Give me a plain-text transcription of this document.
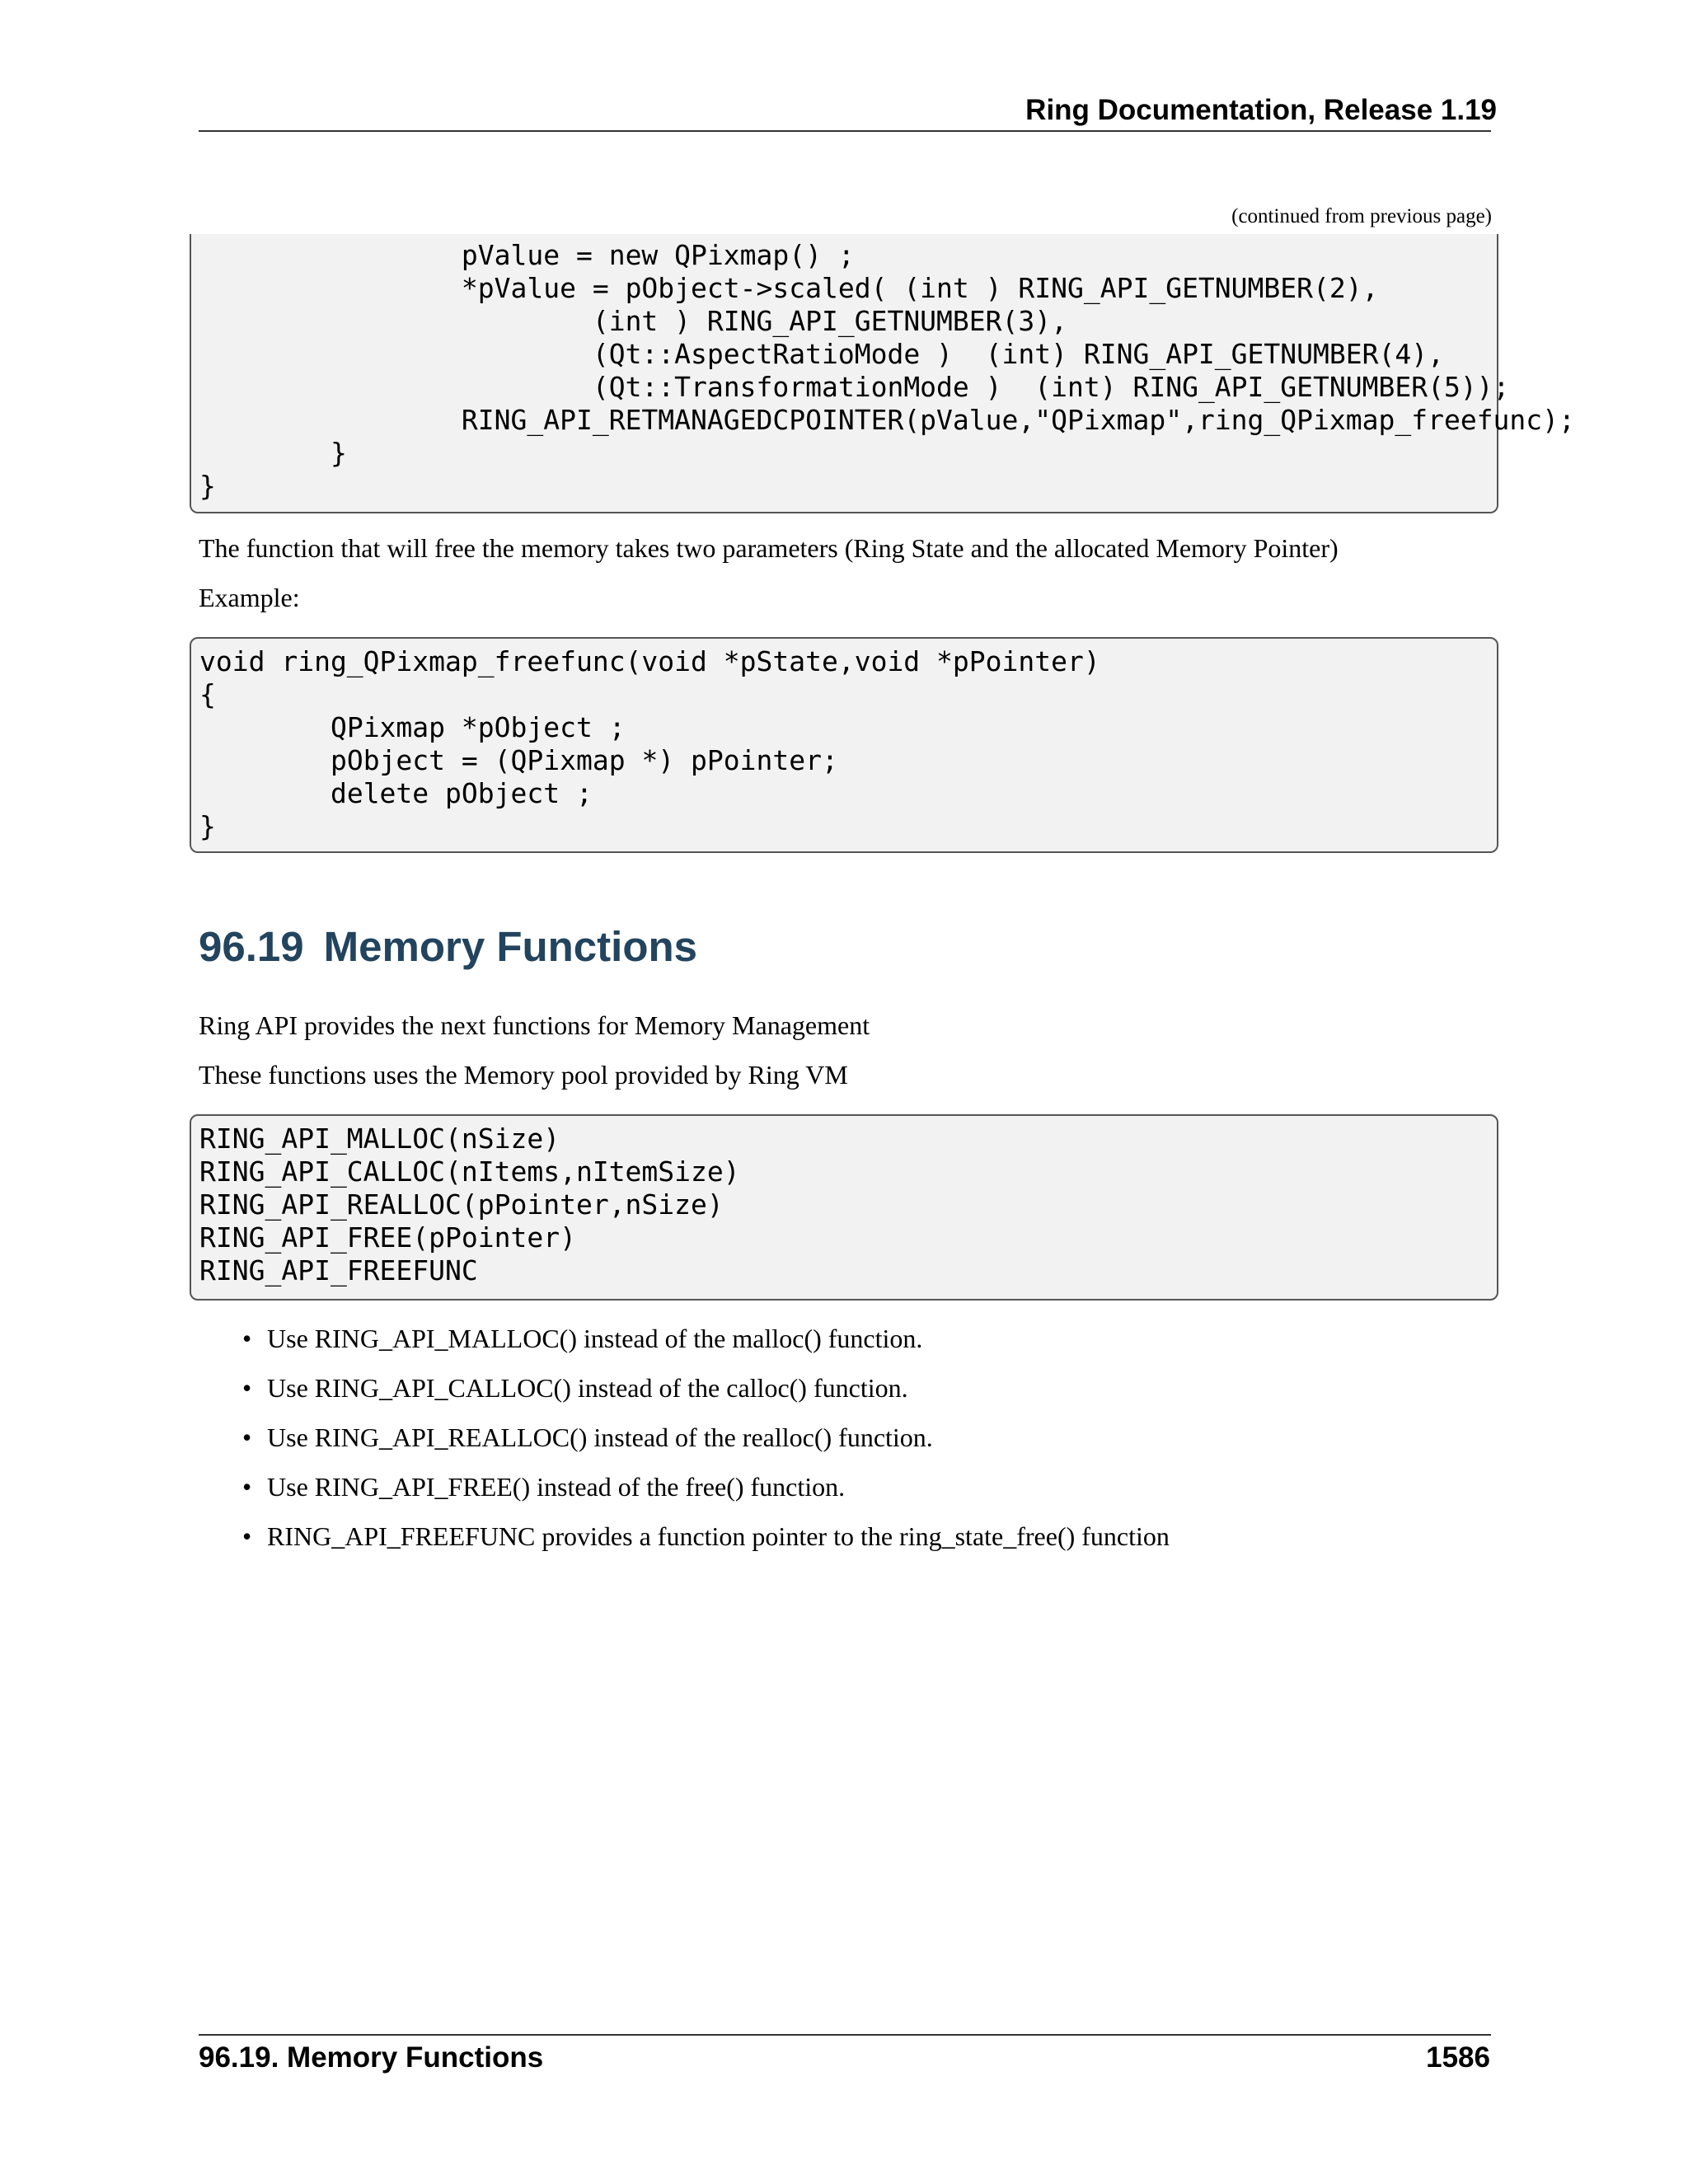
Ring Documentation, Release 1.19
(continued from previous page)
		pValue = new QPixmap() ;
		*pValue = pObject->scaled( (int ) RING_API_GETNUMBER(2),
			(int ) RING_API_GETNUMBER(3),
			(Qt::AspectRatioMode )  (int) RING_API_GETNUMBER(4),
			(Qt::TransformationMode )  (int) RING_API_GETNUMBER(5));
		RING_API_RETMANAGEDCPOINTER(pValue,"QPixmap",ring_QPixmap_freefunc);
	}
}

The function that will free the memory takes two parameters (Ring State and the allocated Memory Pointer)

Example:

void ring_QPixmap_freefunc(void *pState,void *pPointer)
{
	QPixmap *pObject ;
	pObject = (QPixmap *) pPointer;
	delete pObject ;
}
96.19 Memory Functions

Ring API provides the next functions for Memory Management

These functions uses the Memory pool provided by Ring VM

RING_API_MALLOC(nSize)
RING_API_CALLOC(nItems,nItemSize)
RING_API_REALLOC(pPointer,nSize)
RING_API_FREE(pPointer)
RING_API_FREEFUNC
• Use RING_API_MALLOC() instead of the malloc() function.
• Use RING_API_CALLOC() instead of the calloc() function.
• Use RING_API_REALLOC() instead of the realloc() function.
• Use RING_API_FREE() instead of the free() function.
• RING_API_FREEFUNC provides a function pointer to the ring_state_free() function
96.19. Memory Functions	1586
